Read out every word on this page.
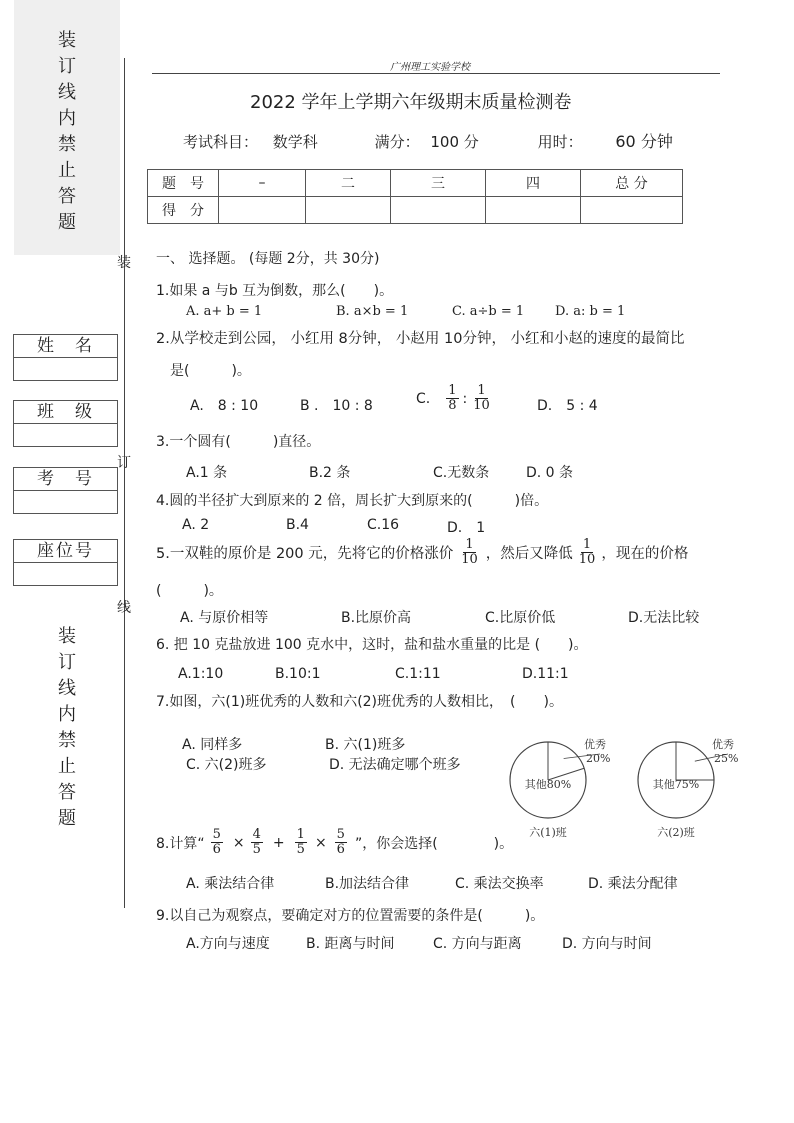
装
订
线
内
禁
止
答
题
装
订
线
内
禁
止
答
题
姓　名
班　级
考　号
座位号
装
订
线
广州理工实验学校
2022 学年上学期六年级期末质量检测卷
考试科目： 数学科	满分： 100 分	用时： 60 分钟
题　号	–	二	三	四	总 分
得　分					
一、 选择题。 (每题 2分，共 30分)
1.如果 a 与b 互为倒数，那么(　　)。
A. a+ b = 1	B. a×b = 1	C. a÷b = 1 D. a: b = 1
2.从学校走到公园， 小红用 8分钟， 小赵用 10分钟， 小红和小赵的速度的最简比
是(　　　)。
A.　8 : 10	B .　10 : 8	C. $\frac{1}{8}$ : $\frac{1}{10}$	D.　5 : 4
3.一个圆有(　　　)直径。
A.1 条	B.2 条	C.无数条	D. 0 条
4.圆的半径扩大到原来的 2 倍，周长扩大到原来的(　　　)倍。
A. 2	B.4	C.16	D.　1
5.一双鞋的原价是 200 元，先将它的价格涨价 $\frac{1}{10}$ ，然后又降低 $\frac{1}{10}$ ，现在的价格
(　　　)。
A. 与原价相等	B.比原价高	C.比原价低	D.无法比较
6. 把 10 克盐放进 100 克水中，这时，盐和盐水重量的比是 (　　)。
A.1:10	B.10:1	C.1:11	D.11:1
7.如图，六(1)班优秀的人数和六(2)班优秀的人数相比，　(　　)。
A. 同样多	B. 六(1)班多
C. 六(2)班多	D. 无法确定哪个班多
优秀
20%
其他80%
六(1)班
优秀
25%
其他75%
六(2)班
8.计算“ $\frac{5}{6} \times \frac{4}{5} + \frac{1}{5} \times \frac{5}{6}$ ”，你会选择(　　　　)。
A. 乘法结合律	B.加法结合律	C. 乘法交换率	D. 乘法分配律
9.以自己为观察点，要确定对方的位置需要的条件是(　　　)。
A.方向与速度	B. 距离与时间	C. 方向与距离	D. 方向与时间
